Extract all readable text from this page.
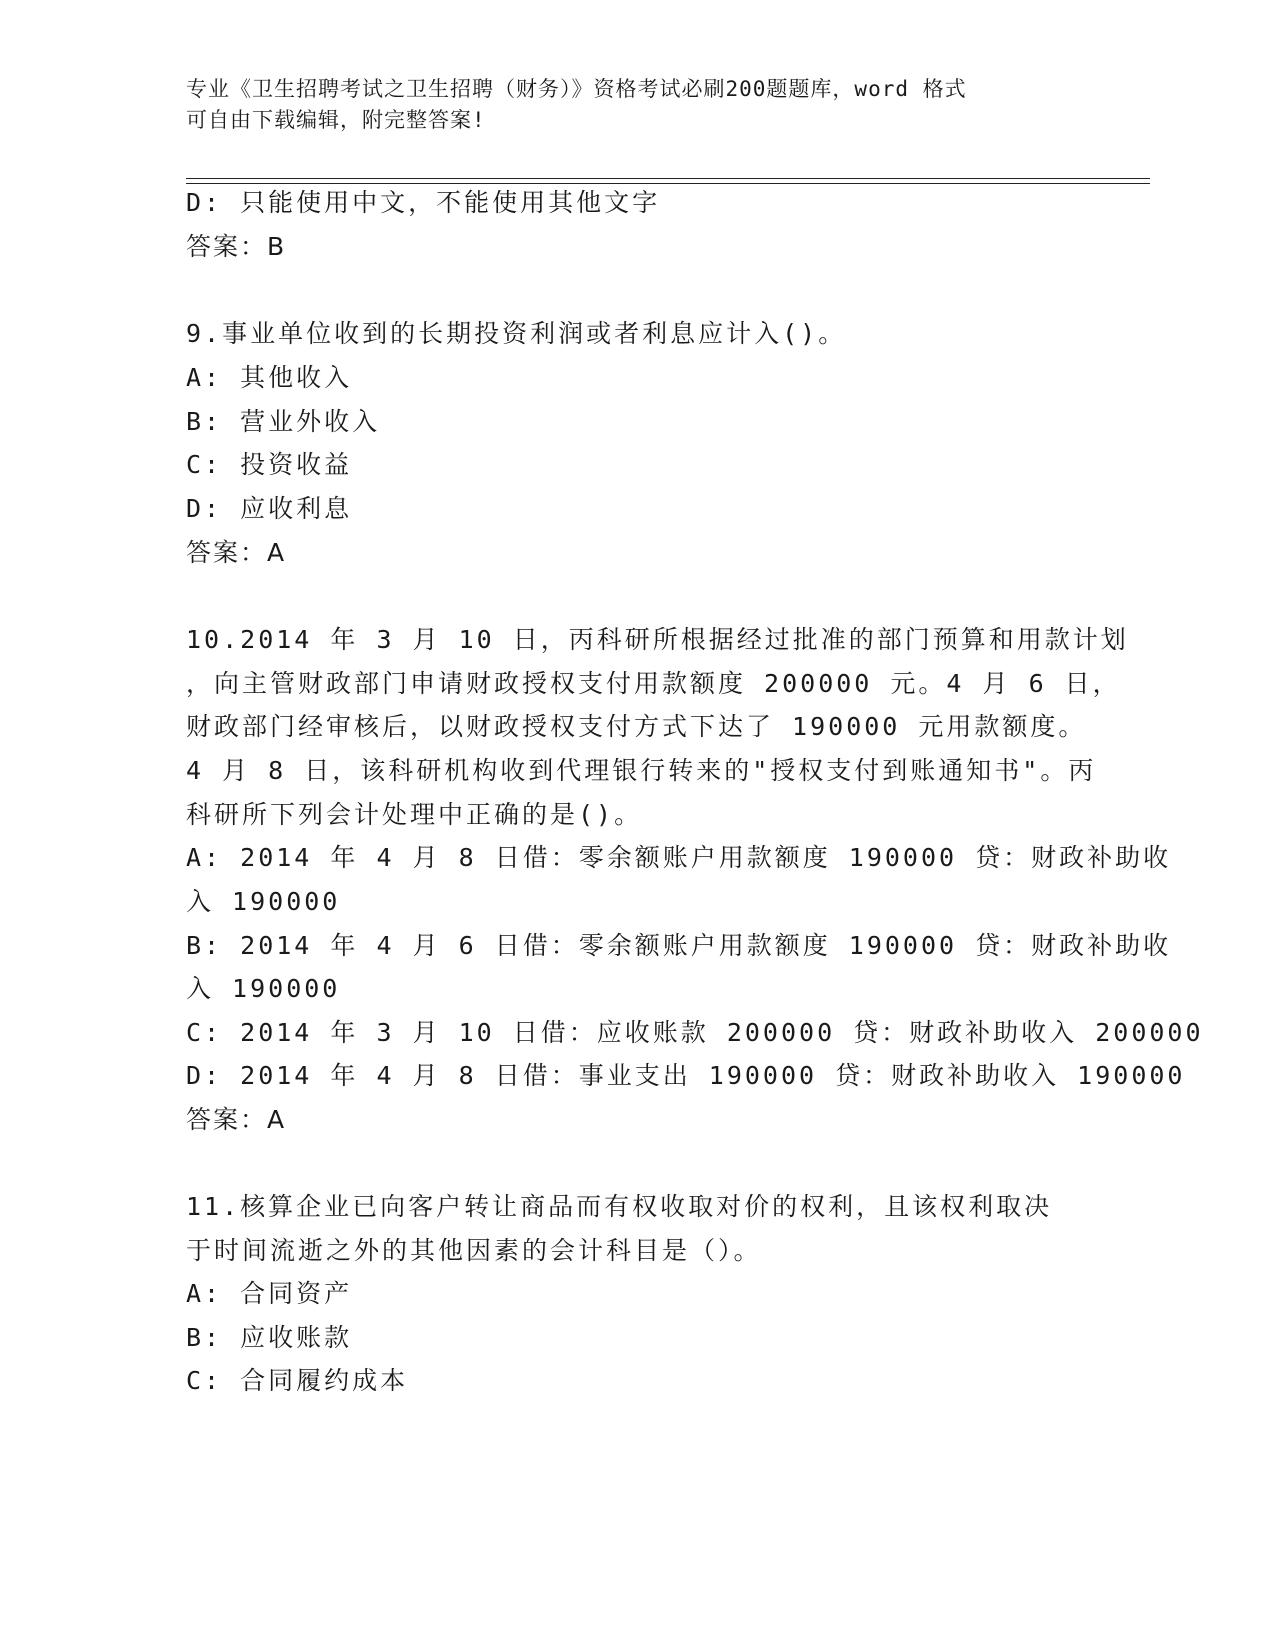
专业《卫生招聘考试之卫生招聘（财务）》资格考试必刷200题题库，word 格式
可自由下载编辑，附完整答案!
D: 只能使用中文，不能使用其他文字
答案：B
9.事业单位收到的长期投资利润或者利息应计入()。
A: 其他收入
B: 营业外收入
C: 投资收益
D: 应收利息
答案：A
10.2014 年 3 月 10 日，丙科研所根据经过批准的部门预算和用款计划
，向主管财政部门申请财政授权支付用款额度 200000 元。4 月 6 日，
财政部门经审核后，以财政授权支付方式下达了 190000 元用款额度。
4 月 8 日，该科研机构收到代理银行转来的"授权支付到账通知书"。丙
科研所下列会计处理中正确的是()。
A: 2014 年 4 月 8 日借：零余额账户用款额度 190000 贷：财政补助收
入 190000
B: 2014 年 4 月 6 日借：零余额账户用款额度 190000 贷：财政补助收
入 190000
C: 2014 年 3 月 10 日借：应收账款 200000 贷：财政补助收入 200000
D: 2014 年 4 月 8 日借：事业支出 190000 贷：财政补助收入 190000
答案：A
11.核算企业已向客户转让商品而有权收取对价的权利，且该权利取决
于时间流逝之外的其他因素的会计科目是（）。
A: 合同资产
B: 应收账款
C: 合同履约成本
